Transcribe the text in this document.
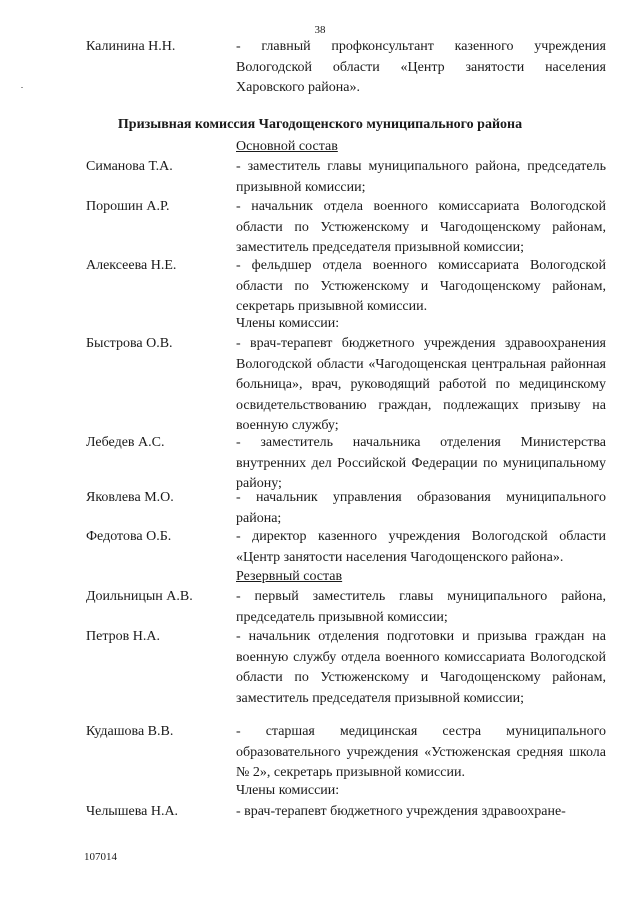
38
Калинина Н.Н.	- главный профконсультант казенного учреждения Вологодской области «Центр занятости населения Харовского района».
Призывная комиссия Чагодощенского муниципального района
Основной состав
Симанова Т.А.	- заместитель главы муниципального района, председатель призывной комиссии;
Порошин А.Р.	- начальник отдела военного комиссариата Вологодской области по Устюженскому и Чагодощенскому районам, заместитель председателя призывной комиссии;
Алексеева Н.Е.	- фельдшер отдела военного комиссариата Вологодской области по Устюженскому и Чагодощенскому районам, секретарь призывной комиссии.
Члены комиссии:
Быстрова О.В.	- врач-терапевт бюджетного учреждения здравоохранения Вологодской области «Чагодощенская центральная районная больница», врач, руководящий работой по медицинскому освидетельствованию граждан, подлежащих призыву на военную службу;
Лебедев А.С.	- заместитель начальника отделения Министерства внутренних дел Российской Федерации по муниципальному району;
Яковлева М.О.	- начальник управления образования муниципального района;
Федотова О.Б.	- директор казенного учреждения Вологодской области «Центр занятости населения Чагодощенского района».
Резервный состав
Доильницын А.В.	- первый заместитель главы муниципального района, председатель призывной комиссии;
Петров Н.А.	- начальник отделения подготовки и призыва граждан на военную службу отдела военного комиссариата Вологодской области по Устюженскому и Чагодощенскому районам, заместитель председателя призывной комиссии;
Кудашова В.В.	- старшая медицинская сестра муниципального образовательного учреждения «Устюженская средняя школа № 2», секретарь призывной комиссии.
Члены комиссии:
Челышева Н.А.	- врач-терапевт бюджетного учреждения здравоохране-
107014
